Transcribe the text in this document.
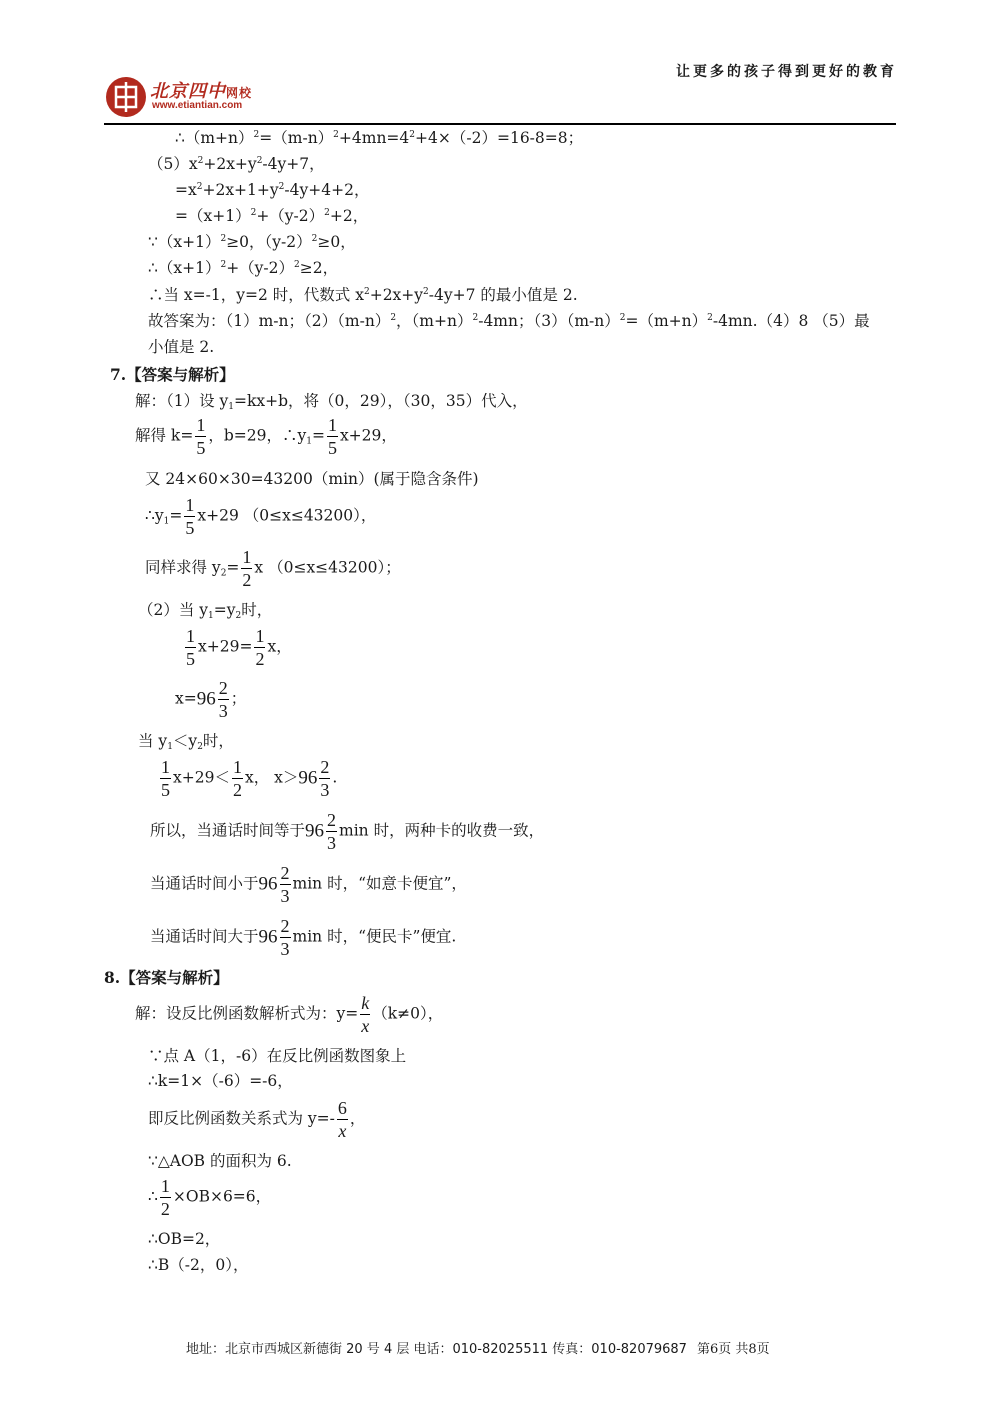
让更多的孩子得到更好的教育
北京四中网校
www.etiantian.com
$\therefore(m+n)^2=(m-n)^2+4mn=4^2+4\times(-2)=16-8=8$；
$(5)x^2+2x+y^2-4y+7$，
$=x^2+2x+1+y^2-4y+4+2$，
$=(x+1)^2+(y-2)^2+2$，
$\because(x+1)^2\ge 0$，$(y-2)^2\ge 0$，
$\therefore(x+1)^2+(y-2)^2\ge 2$，
∴当 x=-1，y=2 时，代数式 $x^2+2x+y^2-4y+7$ 的最小值是 2.
故答案为：（1）m-n；$(2)(m-n)^2$，$(m+n)^2-4mn$；$(3)(m-n)^2=(m+n)^2-4mn.(4)8$ （5）最
小值是 2.
7.【答案与解析】
解：（1）设 $y_1=kx+b$，将（0，29），（30，35）代入，
解得 $k= \frac{1}{5}$ ，b=29，$\therefore y_1= \frac{1}{5} x+29$，
又 24×60×30=43200（min）(属于隐含条件)
$\therefore y_1= \frac{1}{5} x+29$ （0≤x≤43200），
同样求得 $y_2= \frac{1}{2}$ x （0≤x≤43200）；
（2）当 $y_1=y_2$时，
$\frac{1}{5} x+29= \frac{1}{2}$ x，
$x=96 \frac{2}{3}$ ；
当 $y_1<y_2$时，
$\frac{1}{5} x+29< \frac{1}{2}$ x， $x>96 \frac{2}{3}$ .
所以，当通话时间等于$96 \frac{2}{3}$ min 时，两种卡的收费一致，
当通话时间小于$96 \frac{2}{3}$ min 时，“如意卡便宜”，
当通话时间大于$96 \frac{2}{3}$ min 时，“便民卡”便宜.
8.【答案与解析】
解：设反比例函数解析式为：$y= \frac{k}{x} (k\ne 0)$，
∵点 A（1，-6）在反比例函数图象上
∴k=1×（-6）=-6，
即反比例函数关系式为 $y=- \frac{6}{x}$ ，
∵△AOB 的面积为 6.
∴ $\frac{1}{2} \times OB\times 6=6$，
∴OB=2，
∴B（-2，0），
地址：北京市西城区新德街 20 号 4 层 电话：010-82025511 传真：010-82079687 第6页 共8页
